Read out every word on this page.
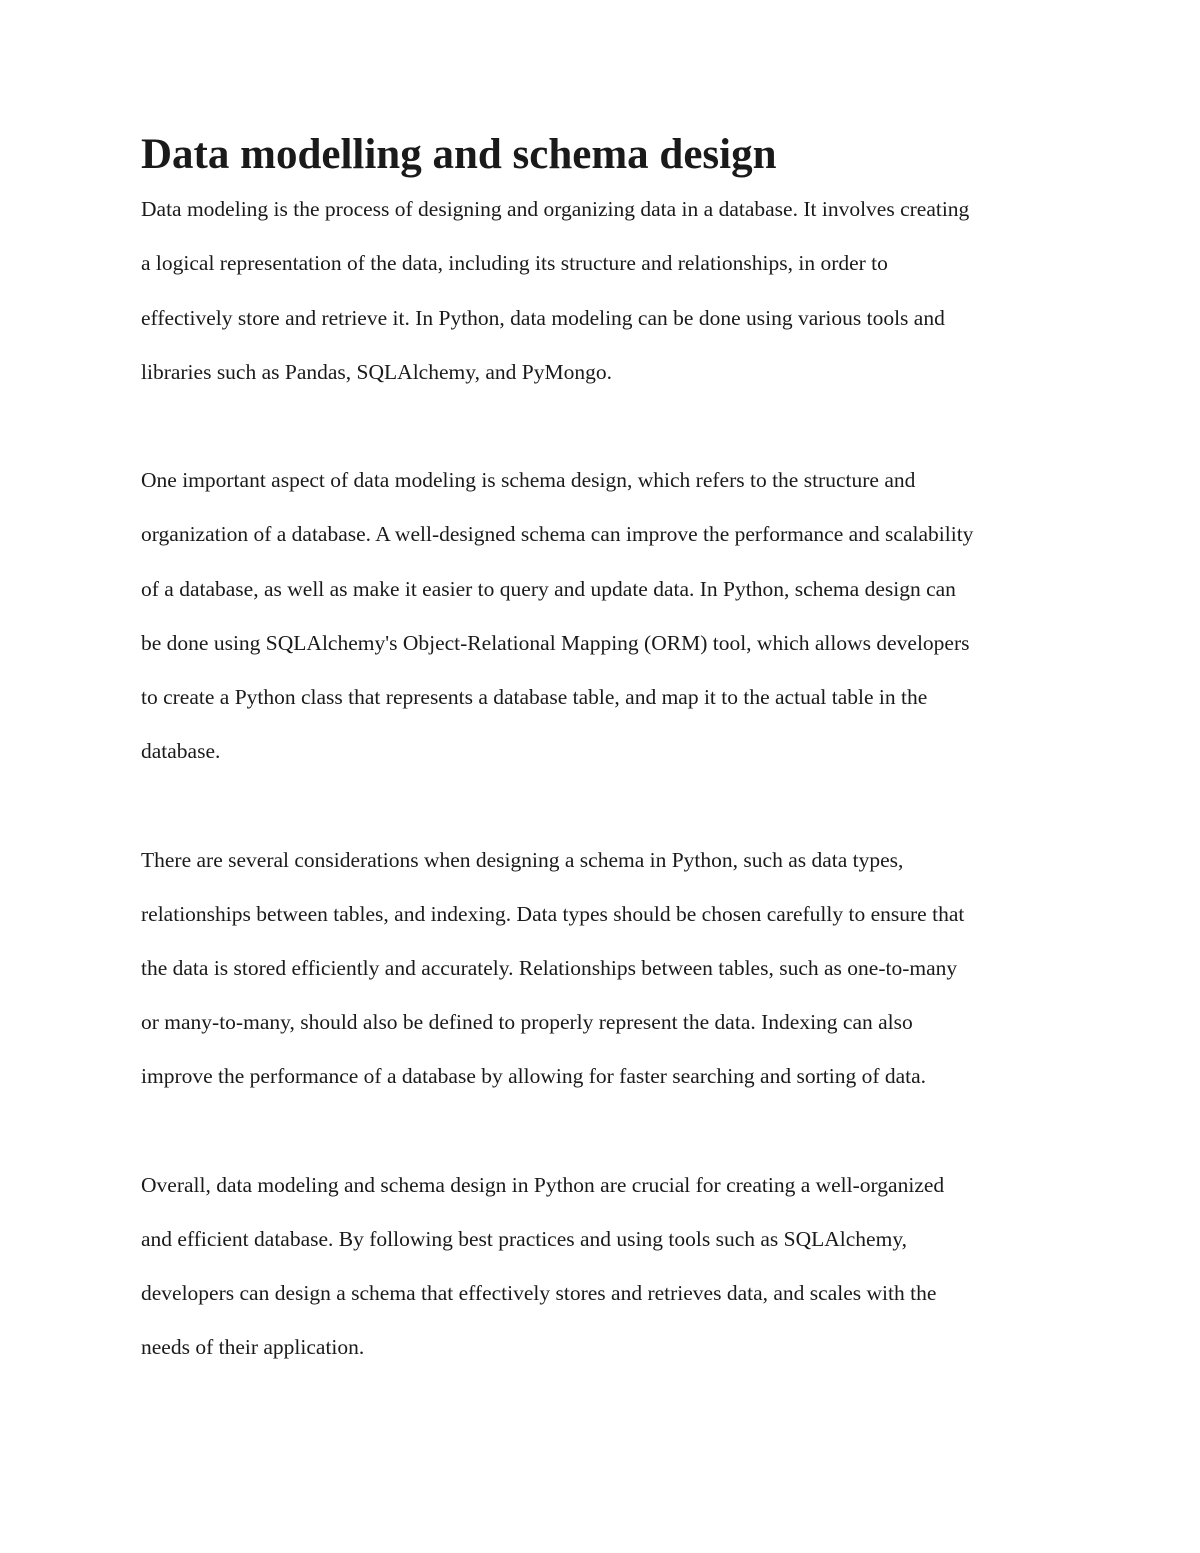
Data modelling and schema design

Data modeling is the process of designing and organizing data in a database. It involves creating
a logical representation of the data, including its structure and relationships, in order to
effectively store and retrieve it. In Python, data modeling can be done using various tools and
libraries such as Pandas, SQLAlchemy, and PyMongo.

One important aspect of data modeling is schema design, which refers to the structure and
organization of a database. A well-designed schema can improve the performance and scalability
of a database, as well as make it easier to query and update data. In Python, schema design can
be done using SQLAlchemy's Object-Relational Mapping (ORM) tool, which allows developers
to create a Python class that represents a database table, and map it to the actual table in the
database.

There are several considerations when designing a schema in Python, such as data types,
relationships between tables, and indexing. Data types should be chosen carefully to ensure that
the data is stored efficiently and accurately. Relationships between tables, such as one-to-many
or many-to-many, should also be defined to properly represent the data. Indexing can also
improve the performance of a database by allowing for faster searching and sorting of data.

Overall, data modeling and schema design in Python are crucial for creating a well-organized
and efficient database. By following best practices and using tools such as SQLAlchemy,
developers can design a schema that effectively stores and retrieves data, and scales with the
needs of their application.
